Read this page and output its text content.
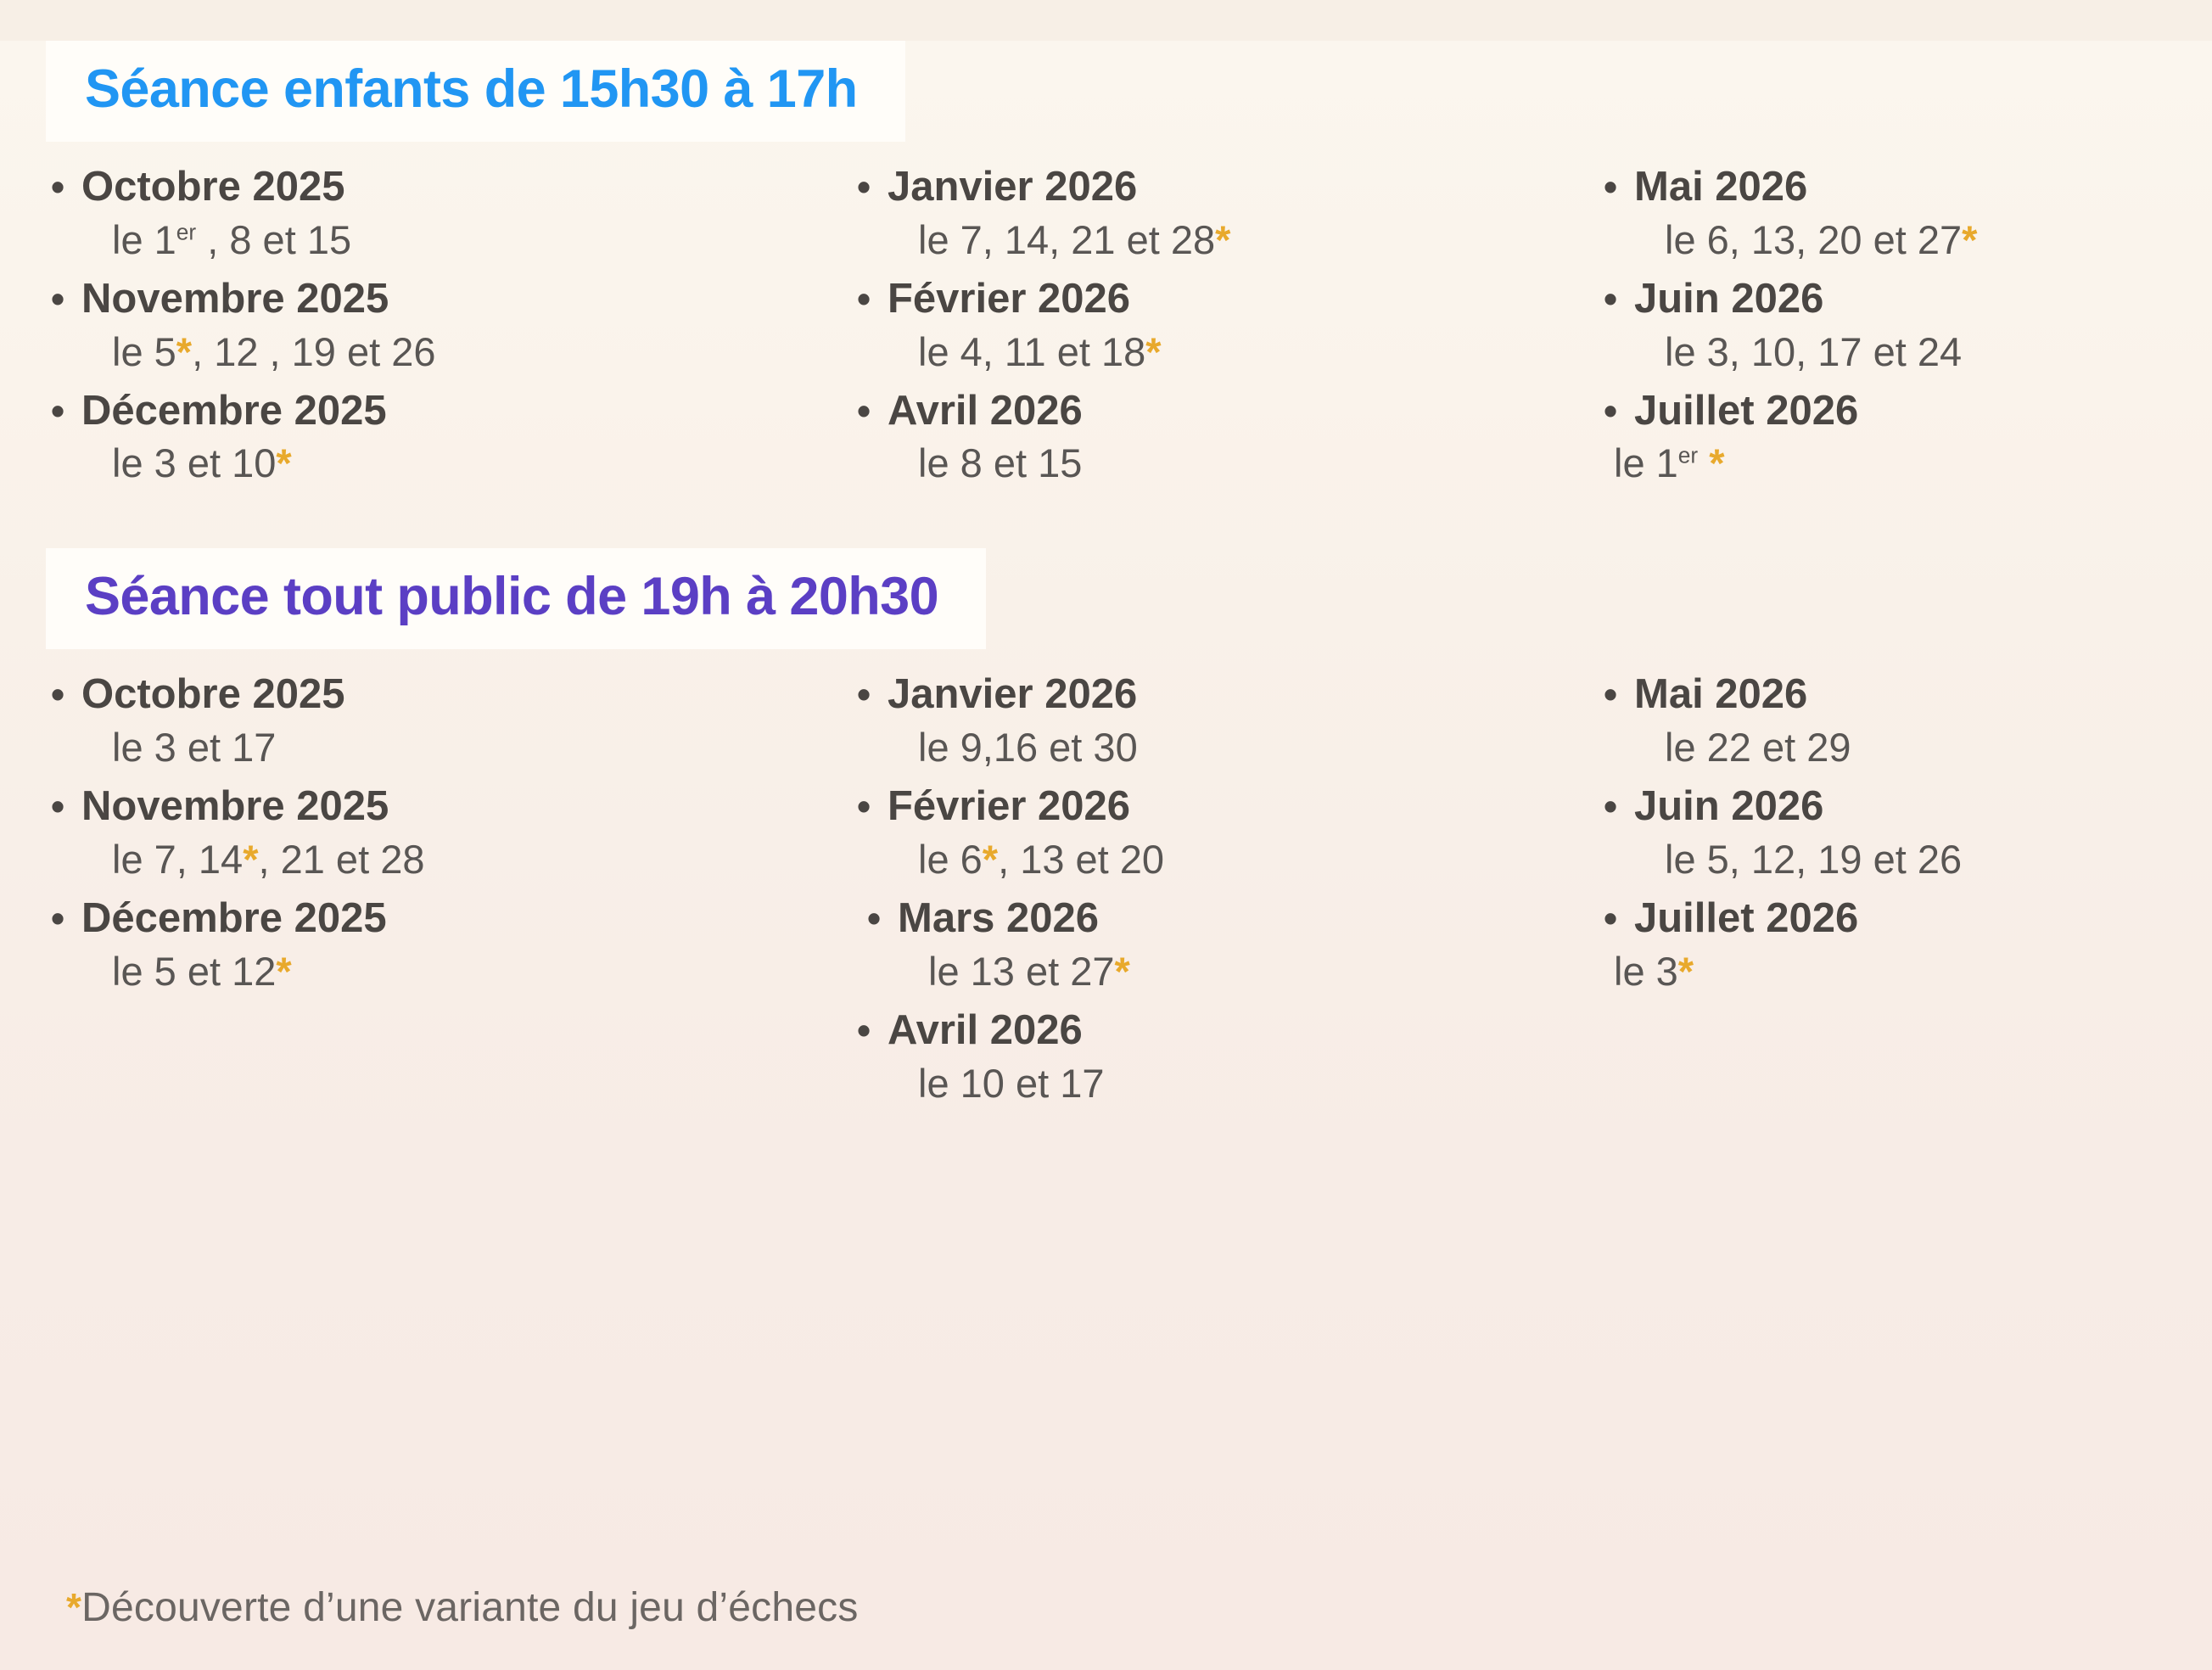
Séance enfants de 15h30 à 17h
• Octobre 2025
le 1er , 8 et 15
• Novembre 2025
le 5*, 12 , 19 et 26
• Décembre 2025
le 3 et 10*
• Janvier 2026
le 7, 14, 21 et 28*
• Février 2026
le 4, 11 et 18*
• Avril 2026
le 8 et 15
• Mai 2026
le 6, 13, 20 et 27*
• Juin 2026
le 3, 10, 17 et 24
• Juillet 2026
le 1er *
Séance tout public de 19h à 20h30
• Octobre 2025
le 3 et 17
• Novembre 2025
le 7, 14*, 21 et 28
• Décembre 2025
le 5 et 12*
• Janvier 2026
le 9,16 et 30
• Février 2026
le 6*, 13 et 20
• Mars 2026
le 13 et 27*
• Avril 2026
le 10 et 17
• Mai 2026
le 22 et 29
• Juin 2026
le 5, 12, 19 et 26
• Juillet 2026
le 3*
*Découverte d’une variante du jeu d’échecs
